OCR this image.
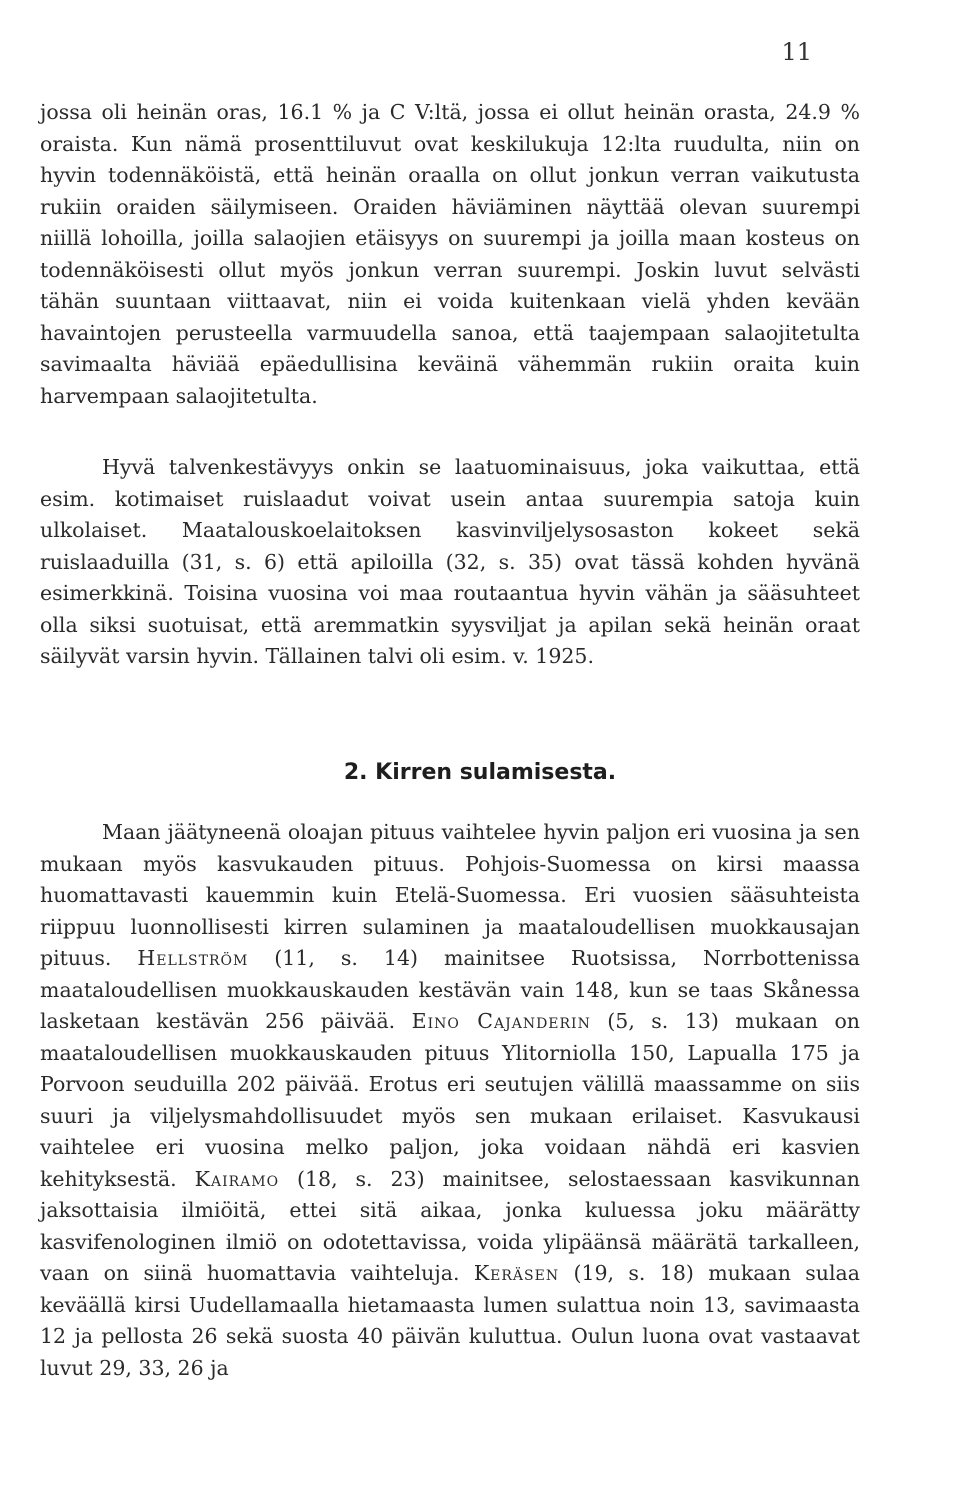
11

jossa oli heinän oras, 16.1 % ja C V:ltä, jossa ei ollut heinän orasta, 24.9 % oraista. Kun nämä prosenttiluvut ovat keskilukuja 12:lta ruudulta, niin on hyvin todennäköistä, että heinän oraalla on ollut jonkun verran vaikutusta rukiin oraiden säilymiseen. Oraiden häviäminen näyttää olevan suurempi niillä lohoilla, joilla salaojien etäisyys on suurempi ja joilla maan kosteus on todennäköisesti ollut myös jonkun verran suurempi. Joskin luvut selvästi tähän suuntaan viittaavat, niin ei voida kuitenkaan vielä yhden kevään havaintojen perusteella varmuudella sanoa, että taajempaan salaojitetulta savimaalta häviää epäedullisina keväinä vähemmän rukiin oraita kuin harvempaan salaojitetulta.

Hyvä talvenkestävyys onkin se laatuominaisuus, joka vaikuttaa, että esim. kotimaiset ruislaadut voivat usein antaa suurempia satoja kuin ulkolaiset. Maatalouskoelaitoksen kasvinviljelysosaston kokeet sekä ruislaaduilla (31, s. 6) että apiloilla (32, s. 35) ovat tässä kohden hyvänä esimerkkinä. Toisina vuosina voi maa routaantua hyvin vähän ja sääsuhteet olla siksi suotuisat, että aremmatkin syysviljat ja apilan sekä heinän oraat säilyvät varsin hyvin. Tällainen talvi oli esim. v. 1925.

2. Kirren sulamisesta.

Maan jäätyneenä oloajan pituus vaihtelee hyvin paljon eri vuosina ja sen mukaan myös kasvukauden pituus. Pohjois-Suomessa on kirsi maassa huomattavasti kauemmin kuin Etelä-Suomessa. Eri vuosien sääsuhteista riippuu luonnollisesti kirren sulaminen ja maataloudellisen muokkausajan pituus. Hellström (11, s. 14) mainitsee Ruotsissa, Norrbottenissa maataloudellisen muokkauskauden kestävän vain 148, kun se taas Skånessa lasketaan kestävän 256 päivää. Eino Cajanderin (5, s. 13) mukaan on maataloudellisen muokkauskauden pituus Ylitorniolla 150, Lapualla 175 ja Porvoon seuduilla 202 päivää. Erotus eri seutujen välillä maassamme on siis suuri ja viljelysmahdollisuudet myös sen mukaan erilaiset. Kasvukausi vaihtelee eri vuosina melko paljon, joka voidaan nähdä eri kasvien kehityksestä. Kairamo (18, s. 23) mainitsee, selostaessaan kasvikunnan jaksottaisia ilmiöitä, ettei sitä aikaa, jonka kuluessa joku määrätty kasvifenologinen ilmiö on odotettavissa, voida ylipäänsä määrätä tarkalleen, vaan on siinä huomattavia vaihteluja. Keräsen (19, s. 18) mukaan sulaa keväällä kirsi Uudellamaalla hietamaasta lumen sulattua noin 13, savimaasta 12 ja pellosta 26 sekä suosta 40 päivän kuluttua. Oulun luona ovat vastaavat luvut 29, 33, 26 ja
